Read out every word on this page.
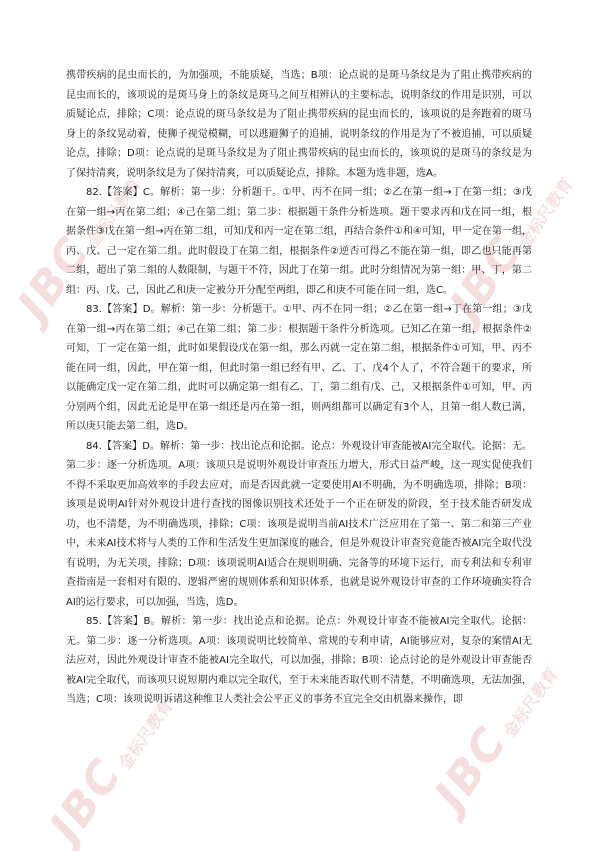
JBC金标尺教育
JBC金标尺教育
JBC金标尺教育
JBC金标尺教育

携带疾病的昆虫而长的，为加强项，不能质疑，当选；B项：论点说的是斑马条纹是为了阻止携带疾病的昆虫而长的，该项说的是斑马身上的条纹是斑马之间互相辨认的主要标志，说明条纹的作用是识别，可以质疑论点，排除；C项：论点说的斑马条纹是为了阻止携带疾病的昆虫而长的，该项说的是奔跑着的斑马身上的条纹晃动着，使狮子视觉模糊，可以逃避狮子的追捕，说明条纹的作用是为了不被追捕，可以质疑论点，排除；D项：论点说的是斑马条纹是为了阻止携带疾病的昆虫而长的，该项说的是斑马的条纹是为了保持清爽，说明条纹是为了保持清爽，可以质疑论点，排除。本题为选非题，选A。

82.【答案】C。解析：第一步：分析题干。①甲、丙不在同一组；②乙在第一组→丁在第一组；③戊在第一组→丙在第二组；④己在第二组；第二步：根据题干条件分析选项。题干要求丙和戊在同一组，根据条件③戊在第一组→丙在第二组，可知戊和丙一定在第二组，再结合条件①和④可知，甲一定在第一组，丙、戊、己一定在第二组。此时假设丁在第二组，根据条件②逆否可得乙不能在第一组，即乙也只能再第二组，超出了第二组的人数限制，与题干不符，因此丁在第一组。此时分组情况为第一组：甲、丁，第二组：丙、戊、己，因此乙和庚一定被分开分配至两组，即乙和庚不可能在同一组，选C。

83.【答案】D。解析：第一步：分析题干。①甲、丙不在同一组；②乙在第一组→丁在第一组；③戊在第一组→丙在第二组；④己在第二组；第二步：根据题干条件分析选项。已知乙在第一组，根据条件②可知，丁一定在第一组，此时如果假设戊在第一组，那么丙就一定在第二组，根据条件①可知，甲、丙不能在同一组，因此，甲在第一组，但此时第一组已经有甲、乙、丁、戊4个人了，不符合题干的要求，所以能确定戊一定在第二组，此时可以确定第一组有乙、丁，第二组有戊、己，又根据条件①可知，甲、丙分别两个组，因此无论是甲在第一组还是丙在第一组，则两组都可以确定有3个人，且第一组人数已满，所以庚只能去第二组，选D。

84.【答案】D。解析：第一步：找出论点和论据。论点：外观设计审查能被AI完全取代。论据：无。第二步：逐一分析选项。A项：该项只是说明外观设计审查压力增大，形式日益严峻，这一现实促使我们不得不采取更加高效率的手段去应对，而是否因此就一定要使用AI不明确，为不明确选项，排除；B项：该项是说明AI针对外观设计进行查找的图像识别技术还处于一个正在研发的阶段，至于技术能否研发成功，也不清楚，为不明确选项，排除；C项：该项是说明当前AI技术广泛应用在了第一、第二和第三产业中，未来AI技术将与人类的工作和生活发生更加深度的融合，但是外观设计审查究竟能否被AI完全取代没有说明，为无关项，排除；D项：该项说明AI适合在规则明确、完备等的环境下运行，而专利法和专利审查指南是一套相对有限的、逻辑严密的规则体系和知识体系，也就是说外观设计审查的工作环境确实符合AI的运行要求，可以加强，当选，选D。

85.【答案】B。解析：第一步：找出论点和论据。论点：外观设计审查不能被AI完全取代。论据：无。第二步：逐一分析选项。A项：该项说明比较简单、常规的专利申请，AI能够应对，复杂的案情AI无法应对，因此外观设计审查不能被AI完全取代，可以加强，排除；B项：论点讨论的是外观设计审查能否被AI完全取代，而该项只说短期内难以完全取代，至于未来能否取代则不清楚，不明确选项，无法加强，当选；C项：该项说明诉诸这种维卫人类社会公平正义的事务不宜完全交由机器来操作，即
